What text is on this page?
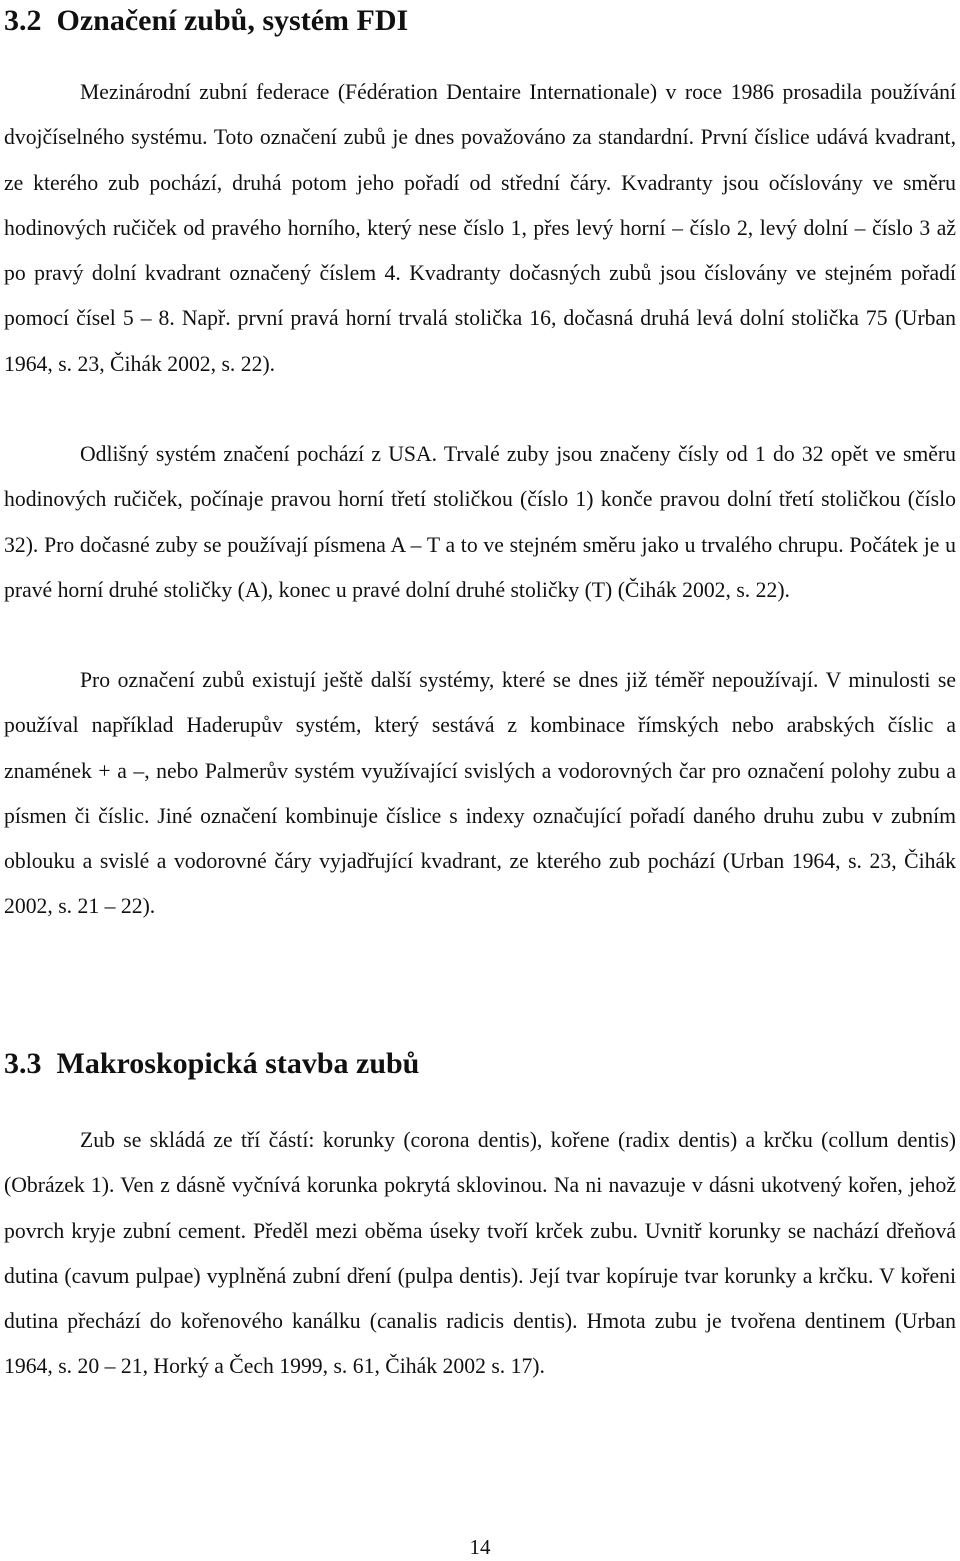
3.2 Označení zubů, systém FDI

Mezinárodní zubní federace (Fédération Dentaire Internationale) v roce 1986 prosadila používání dvojčíselného systému. Toto označení zubů je dnes považováno za standardní. První číslice udává kvadrant, ze kterého zub pochází, druhá potom jeho pořadí od střední čáry. Kvadranty jsou očíslovány ve směru hodinových ručiček od pravého horního, který nese číslo 1, přes levý horní – číslo 2, levý dolní – číslo 3 až po pravý dolní kvadrant označený číslem 4. Kvadranty dočasných zubů jsou číslovány ve stejném pořadí pomocí čísel 5 – 8. Např. první pravá horní trvalá stolička 16, dočasná druhá levá dolní stolička 75 (Urban 1964, s. 23, Čihák 2002, s. 22).

Odlišný systém značení pochází z USA. Trvalé zuby jsou značeny čísly od 1 do 32 opět ve směru hodinových ručiček, počínaje pravou horní třetí stoličkou (číslo 1) konče pravou dolní třetí stoličkou (číslo 32). Pro dočasné zuby se používají písmena A – T a to ve stejném směru jako u trvalého chrupu. Počátek je u pravé horní druhé stoličky (A), konec u pravé dolní druhé stoličky (T) (Čihák 2002, s. 22).

Pro označení zubů existují ještě další systémy, které se dnes již téměř nepoužívají. V minulosti se používal například Haderupův systém, který sestává z kombinace římských nebo arabských číslic a znamének + a –, nebo Palmerův systém využívající svislých a vodorovných čar pro označení polohy zubu a písmen či číslic. Jiné označení kombinuje číslice s indexy označující pořadí daného druhu zubu v zubním oblouku a svislé a vodorovné čáry vyjadřující kvadrant, ze kterého zub pochází (Urban 1964, s. 23, Čihák 2002, s. 21 – 22).

3.3 Makroskopická stavba zubů

Zub se skládá ze tří částí: korunky (corona dentis), kořene (radix dentis) a krčku (collum dentis) (Obrázek 1). Ven z dásně vyčnívá korunka pokrytá sklovinou. Na ni navazuje v dásni ukotvený kořen, jehož povrch kryje zubní cement. Předěl mezi oběma úseky tvoří krček zubu. Uvnitř korunky se nachází dřeňová dutina (cavum pulpae) vyplněná zubní dření (pulpa dentis). Její tvar kopíruje tvar korunky a krčku. V kořeni dutina přechází do kořenového kanálku (canalis radicis dentis). Hmota zubu je tvořena dentinem (Urban 1964, s. 20 – 21, Horký a Čech 1999, s. 61, Čihák 2002 s. 17).

14
